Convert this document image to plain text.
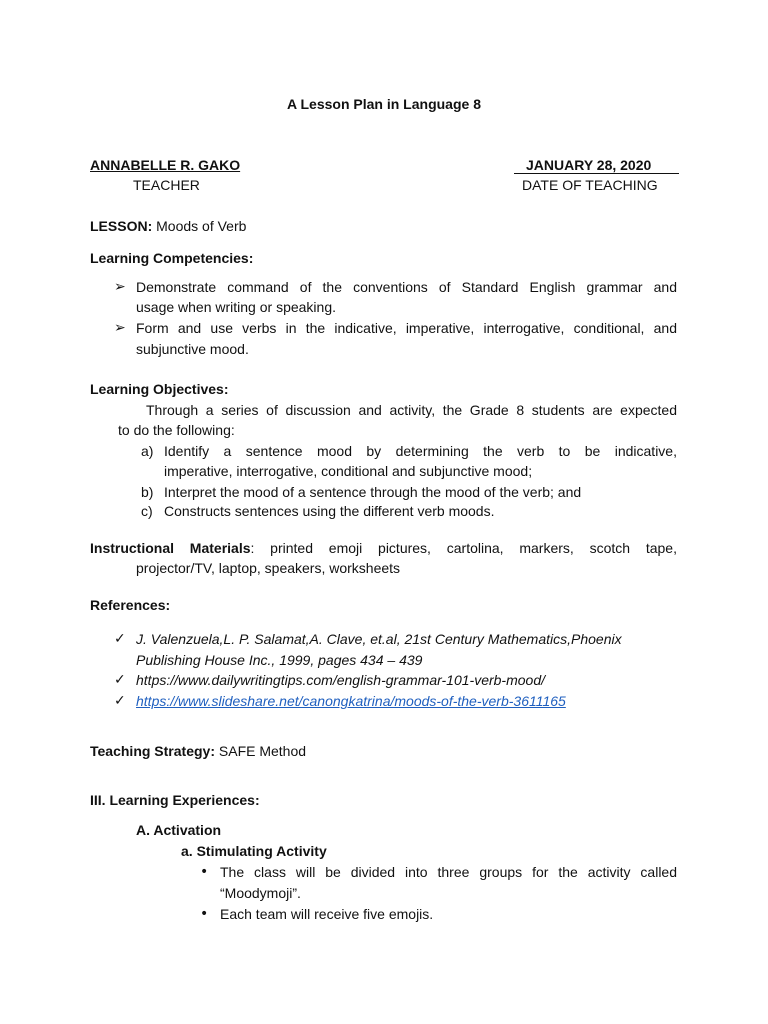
A Lesson Plan in Language 8
ANNABELLE R. GAKO
TEACHER
JANUARY 28, 2020
DATE OF TEACHING
LESSON: Moods of Verb
Learning Competencies:
➢ Demonstrate command of the conventions of Standard English grammar and
usage when writing or speaking.
➢ Form and use verbs in the indicative, imperative, interrogative, conditional, and
subjunctive mood.
Learning Objectives:
Through a series of discussion and activity, the Grade 8 students are expected
to do the following:
a) Identify a sentence mood by determining the verb to be indicative,
imperative, interrogative, conditional and subjunctive mood;
b) Interpret the mood of a sentence through the mood of the verb; and
c) Constructs sentences using the different verb moods.
Instructional Materials: printed emoji pictures, cartolina, markers, scotch tape,
projector/TV, laptop, speakers, worksheets
References:
✓ J. Valenzuela,L. P. Salamat,A. Clave, et.al, 21st Century Mathematics,Phoenix
Publishing House Inc., 1999, pages 434 – 439
✓ https://www.dailywritingtips.com/english-grammar-101-verb-mood/
✓ https://www.slideshare.net/canongkatrina/moods-of-the-verb-3611165
Teaching Strategy: SAFE Method
III. Learning Experiences:
A. Activation
a. Stimulating Activity
• The class will be divided into three groups for the activity called
“Moodymoji”.
• Each team will receive five emojis.
